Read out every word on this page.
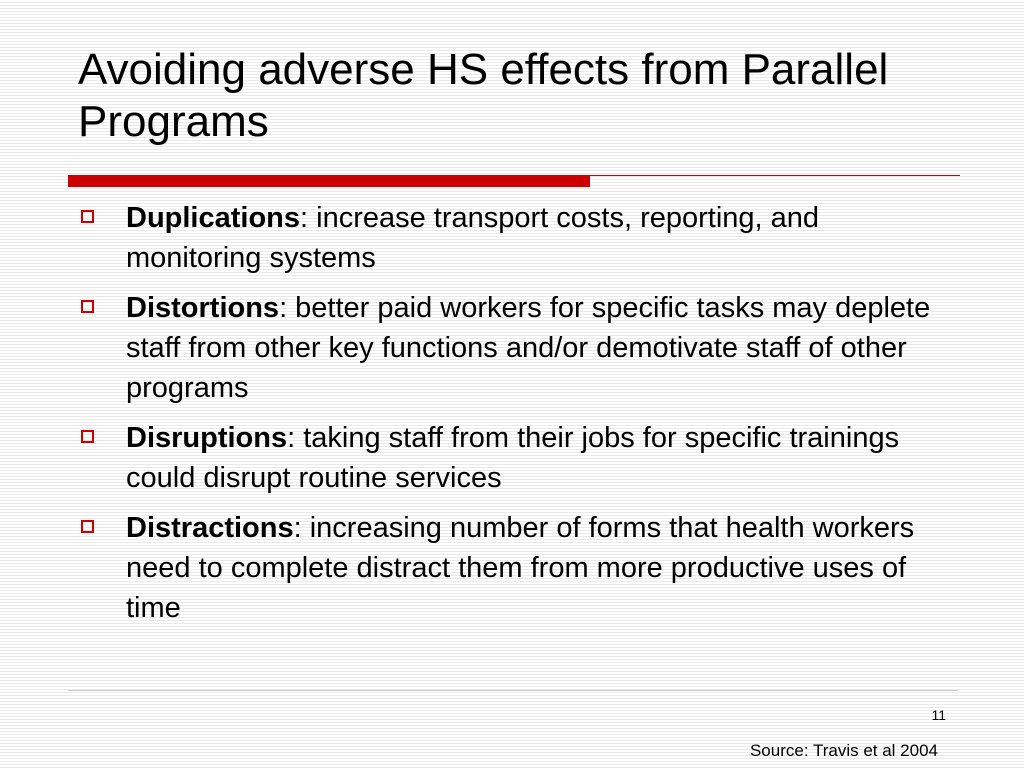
Avoiding adverse HS effects from Parallel Programs
Duplications: increase transport costs, reporting, and monitoring systems
Distortions: better paid workers for specific tasks may deplete staff from other key functions and/or demotivate staff of other programs
Disruptions: taking staff from their jobs for specific trainings could disrupt routine services
Distractions: increasing number of forms that health workers need to complete distract them from more productive uses of time
11
Source: Travis et al 2004
